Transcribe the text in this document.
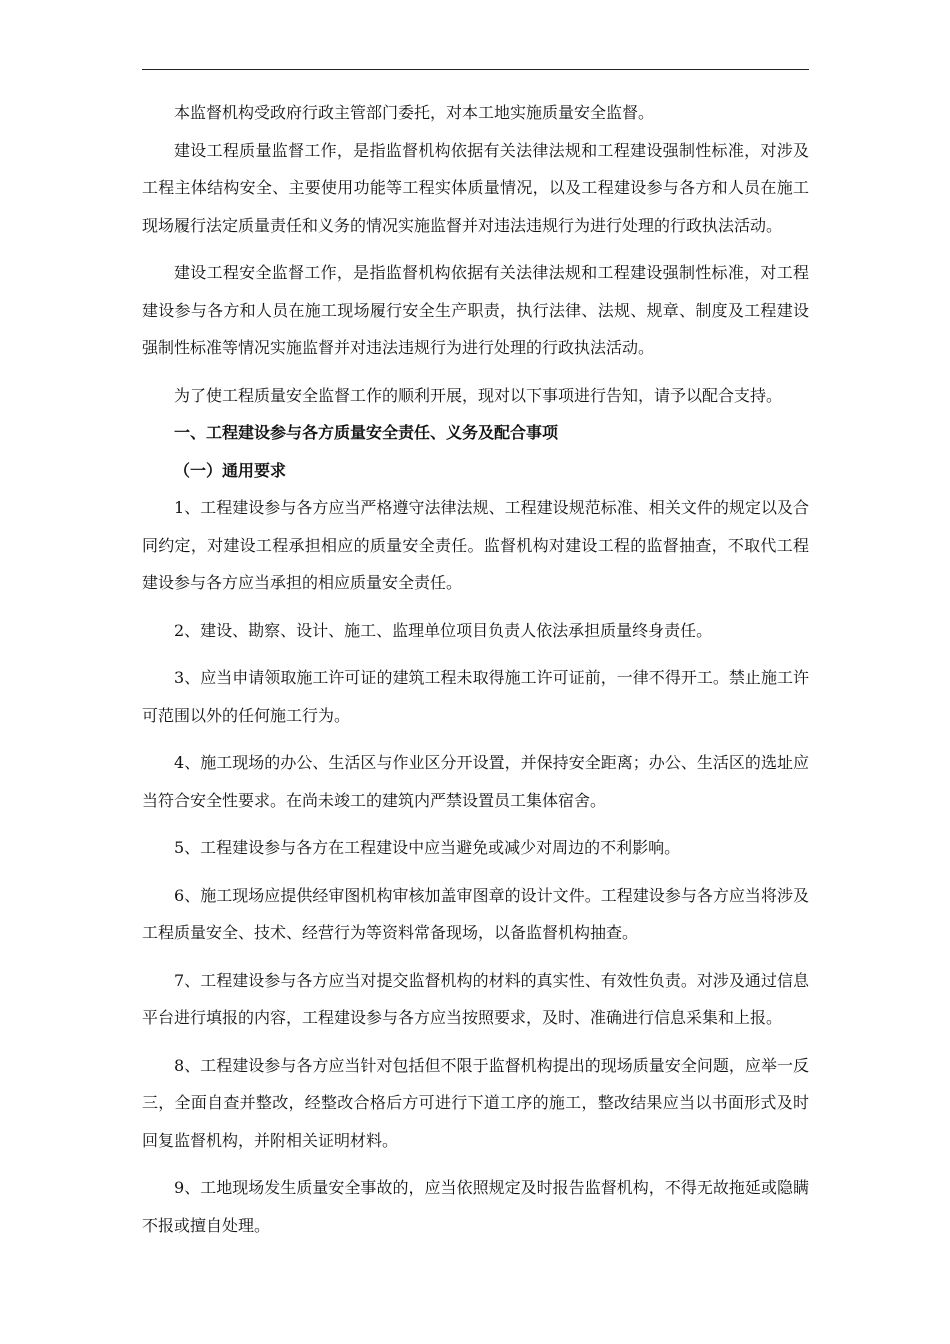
本监督机构受政府行政主管部门委托，对本工地实施质量安全监督。

建设工程质量监督工作，是指监督机构依据有关法律法规和工程建设强制性标准，对涉及工程主体结构安全、主要使用功能等工程实体质量情况，以及工程建设参与各方和人员在施工现场履行法定质量责任和义务的情况实施监督并对违法违规行为进行处理的行政执法活动。

建设工程安全监督工作，是指监督机构依据有关法律法规和工程建设强制性标准，对工程建设参与各方和人员在施工现场履行安全生产职责，执行法律、法规、规章、制度及工程建设强制性标准等情况实施监督并对违法违规行为进行处理的行政执法活动。

为了使工程质量安全监督工作的顺利开展，现对以下事项进行告知，请予以配合支持。

一、工程建设参与各方质量安全责任、义务及配合事项

（一）通用要求

1、工程建设参与各方应当严格遵守法律法规、工程建设规范标准、相关文件的规定以及合同约定，对建设工程承担相应的质量安全责任。监督机构对建设工程的监督抽查，不取代工程建设参与各方应当承担的相应质量安全责任。

2、建设、勘察、设计、施工、监理单位项目负责人依法承担质量终身责任。

3、应当申请领取施工许可证的建筑工程未取得施工许可证前，一律不得开工。禁止施工许可范围以外的任何施工行为。

4、施工现场的办公、生活区与作业区分开设置，并保持安全距离；办公、生活区的选址应当符合安全性要求。在尚未竣工的建筑内严禁设置员工集体宿舍。

5、工程建设参与各方在工程建设中应当避免或减少对周边的不利影响。

6、施工现场应提供经审图机构审核加盖审图章的设计文件。工程建设参与各方应当将涉及工程质量安全、技术、经营行为等资料常备现场，以备监督机构抽查。

7、工程建设参与各方应当对提交监督机构的材料的真实性、有效性负责。对涉及通过信息平台进行填报的内容，工程建设参与各方应当按照要求，及时、准确进行信息采集和上报。

8、工程建设参与各方应当针对包括但不限于监督机构提出的现场质量安全问题，应举一反三，全面自查并整改，经整改合格后方可进行下道工序的施工，整改结果应当以书面形式及时回复监督机构，并附相关证明材料。

9、工地现场发生质量安全事故的，应当依照规定及时报告监督机构，不得无故拖延或隐瞒不报或擅自处理。
